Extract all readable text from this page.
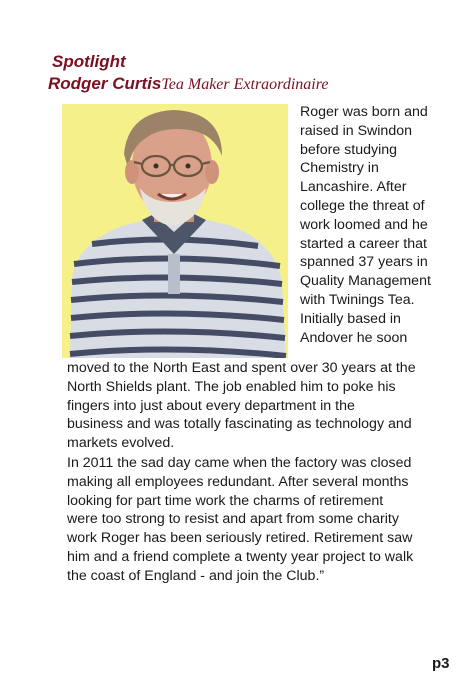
Spotlight
Rodger CurtisTea Maker Extraordinaire
Roger was born and
raised in Swindon
before studying
Chemistry in
Lancashire. After
college the threat of
work loomed and he
started a career that
spanned 37 years in
Quality Management
with Twinings Tea.
Initially based in
Andover he soon
moved to the North East and spent over 30 years at the
North Shields plant. The job enabled him to poke his
fingers into just about every department in the
business and was totally fascinating as technology and
markets evolved.
In 2011 the sad day came when the factory was closed
making all employees redundant. After several months
looking for part time work the charms of retirement
were too strong to resist and apart from some charity
work Roger has been seriously retired. Retirement saw
him and a friend complete a twenty year project to walk
the coast of England - and join the Club.”
p3
